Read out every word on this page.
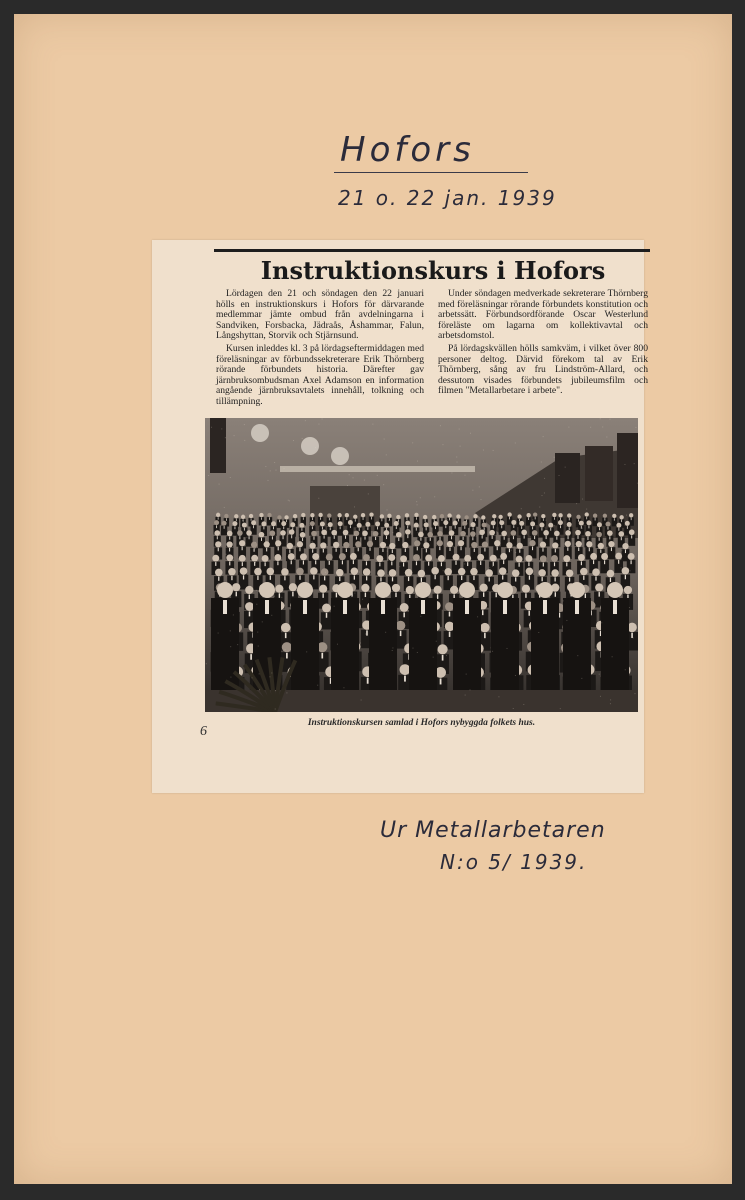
Hofors
21 o. 22 jan. 1939
Instruktionskurs i Hofors

Lördagen den 21 och söndagen den 22 januari hölls en instruktionskurs i Hofors för därvarande medlemmar jämte ombud från avdelningarna i Sandviken, Forsbacka, Jädraås, Åshammar, Falun, Långshyttan, Storvik och Stjärnsund.

Kursen inleddes kl. 3 på lördagseftermiddagen med föreläsningar av förbundssekreterare Erik Thörnberg rörande förbundets historia. Därefter gav järnbruksombudsman Axel Adamson en information angående järnbruksavtalets innehåll, tolkning och tillämpning.

Under söndagen medverkade sekreterare Thörnberg med föreläsningar rörande förbundets konstitution och arbetssätt. Förbundsordförande Oscar Westerlund föreläste om lagarna om kollektivavtal och arbetsdomstol.

På lördagskvällen hölls samkväm, i vilket över 800 personer deltog. Därvid förekom tal av Erik Thörnberg, sång av fru Lindström-Allard, och dessutom visades förbundets jubileumsfilm och filmen "Metallarbetare i arbete".

6
Instruktionskursen samlad i Hofors nybyggda folkets hus.
Ur Metallarbetaren
N:o 5/ 1939.
